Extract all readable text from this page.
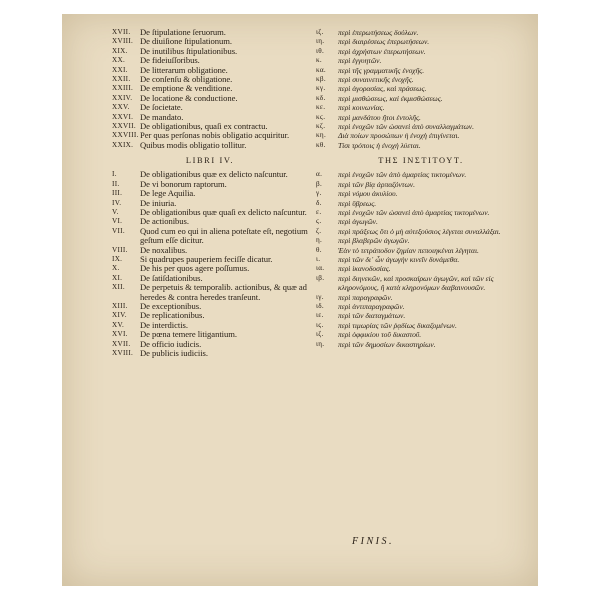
XVII.	De ſtipulatione ſeruorum.
XVIII. De diuiſione ſtipulationum.
XIX.	De inutilibus ſtipulationibus.
XX.	De fideiuſſoribus.
XXI.	De litterarum obligatione.
XXII.	De conſenſu & obligatione.
XXIII. De emptione & venditione.
XXIV. De locatione & conductione.
XXV.	De ſocietate.
XXVI. De mandato.
XXVII. De obligationibus, quaſi ex contractu.
XXVIII. Per quas perſonas nobis obligatio acquiritur.
XXIX. Quibus modis obligatio tollitur.
LIBRI IV.
I.	De obligationibus quæ ex delicto naſcuntur.
II.	De vi bonorum raptorum.
III.	De lege Aquilia.
IV.	De iniuria.
V.	De obligationibus quæ quaſi ex delicto naſcuntur.
VI.	De actionibus.
VII.	Quod cum eo qui in aliena poteſtate eſt, negotium geſtum eſſe dicitur.
VIII.	De noxalibus.
IX.	Si quadrupes pauperiem feciſſe dicatur.
X.	De his per quos agere poſſumus.
XI.	De ſatiſdationibus.
XII.	De perpetuis & temporalib. actionibus, & quæ ad heredes & contra heredes tranſeunt.
XIII.	De exceptionibus.
XIV.	De replicationibus.
XV.	De interdictis.
XVI.	De pœna temere litigantium.
XVII.	De officio iudicis.
XVIII. De publicis iudiciis.
ιζ.	περὶ ἐπερωτήσεως δούλων.
ιη.	περὶ διαιρέσεως ἐπερωτήσεων.
ιθ.	περὶ ἀχρήστων ἐπερωτήσεων.
κ.	περὶ ἐγγυητῶν.
κα.	περὶ τῆς γραμματικῆς ἐνοχῆς.
κβ.	περὶ συναινετικῆς ἐνοχῆς.
κγ.	περὶ ἀγορασίας, καὶ πράσεως.
κδ.	περὶ μισθώσεως, καὶ ἐκμισθώσεως.
κε.	περὶ κοινωνίας.
κϛ.	περὶ μανδάτου ἤτοι ἐντολῆς.
κζ.	περὶ ἐνοχῶν τῶν ὡσανεὶ ἀπὸ συναλλαγμάτων.
κη.	Διὰ ποίων προσώπων ἡ ἐνοχὴ ἐπιγίνεται.
κθ.	Τίσι τρόποις ἡ ἐνοχὴ λύεται.
ΤΗΣ ΙΝΣΤΙΤΟΥΤ.
α.	περὶ ἐνοχῶν τῶν ἀπὸ ἁμαρτίας τικτομένων.
β.	περὶ τῶν βίᾳ ἀρπαζόντων.
γ.	περὶ νόμου ἀκυλίου.
δ.	περὶ ὕβρεως.
ε.	περὶ ἐνοχῶν τῶν ὡσανεὶ ἀπὸ ἁμαρτίας τικτομένων.
ϛ.	περὶ ἀγωγῶν.
ζ.	περὶ πράξεως ὅτι ὁ μὴ αὐτεξούσιος λέγεται συναλλάξαι.
η.	περὶ βλαβερῶν ἀγωγῶν.
θ.	Ἐὰν τὸ τετράποδον ζημίαν πεποιηκέναι λέγηται.
ι.	περὶ τῶν δι᾽ ὧν ἀγωγὴν κινεῖν δυνάμεθα.
ια.	περὶ ἱκανοδοσίας.
ιβ.	περὶ διηνεκῶν, καὶ προσκαίρων ἀγωγῶν, καὶ τῶν εἰς κληρονόμους, ἢ κατὰ κληρονόμων διαβαινουσῶν.
ιγ.	περὶ παραγραφῶν.
ιδ.	περὶ ἀντιπαραγραφῶν.
ιε.	περὶ τῶν διαταγμάτων.
ιϛ.	περὶ τιμωρίας τῶν ῥᾳδίως δικαζομένων.
ιζ.	περὶ ὀφφικίου τοῦ δικαστοῦ.
ιη.	περὶ τῶν δημοσίων δικαστηρίων.
FINIS.
